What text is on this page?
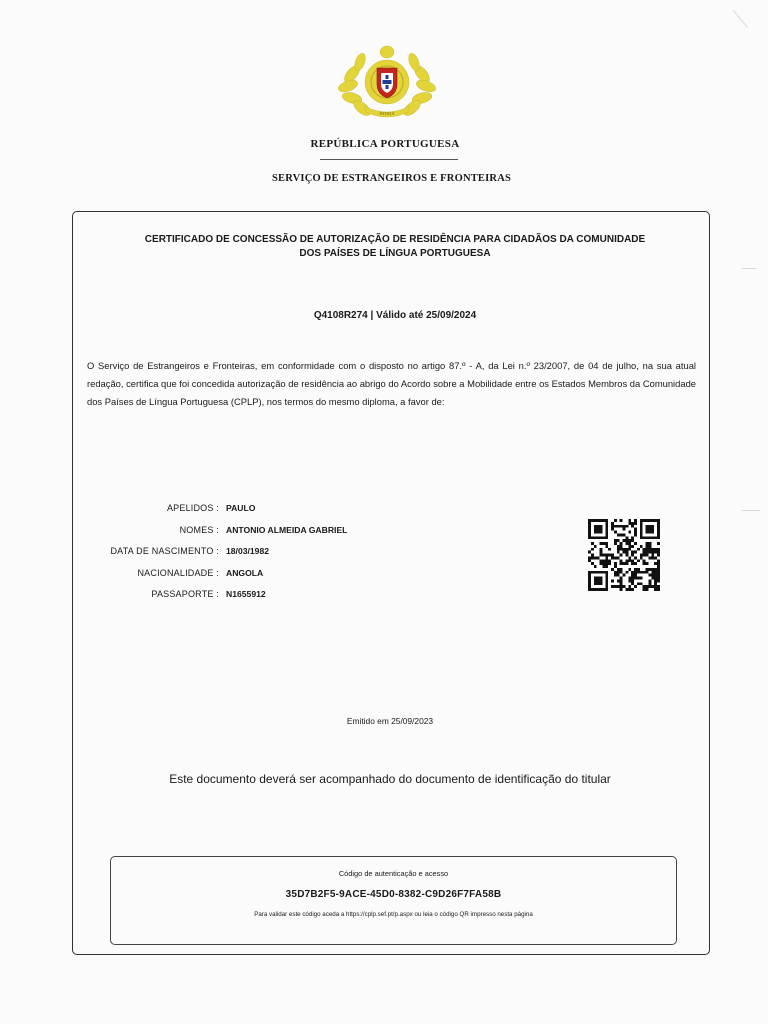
PATRIA
REPÚBLICA PORTUGUESA
SERVIÇO DE ESTRANGEIROS E FRONTEIRAS
CERTIFICADO DE CONCESSÃO DE AUTORIZAÇÃO DE RESIDÊNCIA PARA CIDADÃOS DA COMUNIDADE
DOS PAÍSES DE LÍNGUA PORTUGUESA
Q4108R274 | Válido até 25/09/2024
O Serviço de Estrangeiros e Fronteiras, em conformidade com o disposto no artigo 87.º - A, da Lei n.º 23/2007, de 04 de julho, na sua atual redação, certifica que foi concedida autorização de residência ao abrigo do Acordo sobre a Mobilidade entre os Estados Membros da Comunidade dos Países de Língua Portuguesa (CPLP), nos termos do mesmo diploma, a favor de:
APELIDOS : PAULO
NOMES : ANTONIO ALMEIDA GABRIEL
DATA DE NASCIMENTO : 18/03/1982
NACIONALIDADE : ANGOLA
PASSAPORTE : N1655912
Emitido em 25/09/2023
Este documento deverá ser acompanhado do documento de identificação do titular
Código de autenticação e acesso
35D7B2F5-9ACE-45D0-8382-C9D26F7FA58B
Para validar este código aceda a https://cplp.sef.pt/p.aspx ou leia o código QR impresso nesta página
